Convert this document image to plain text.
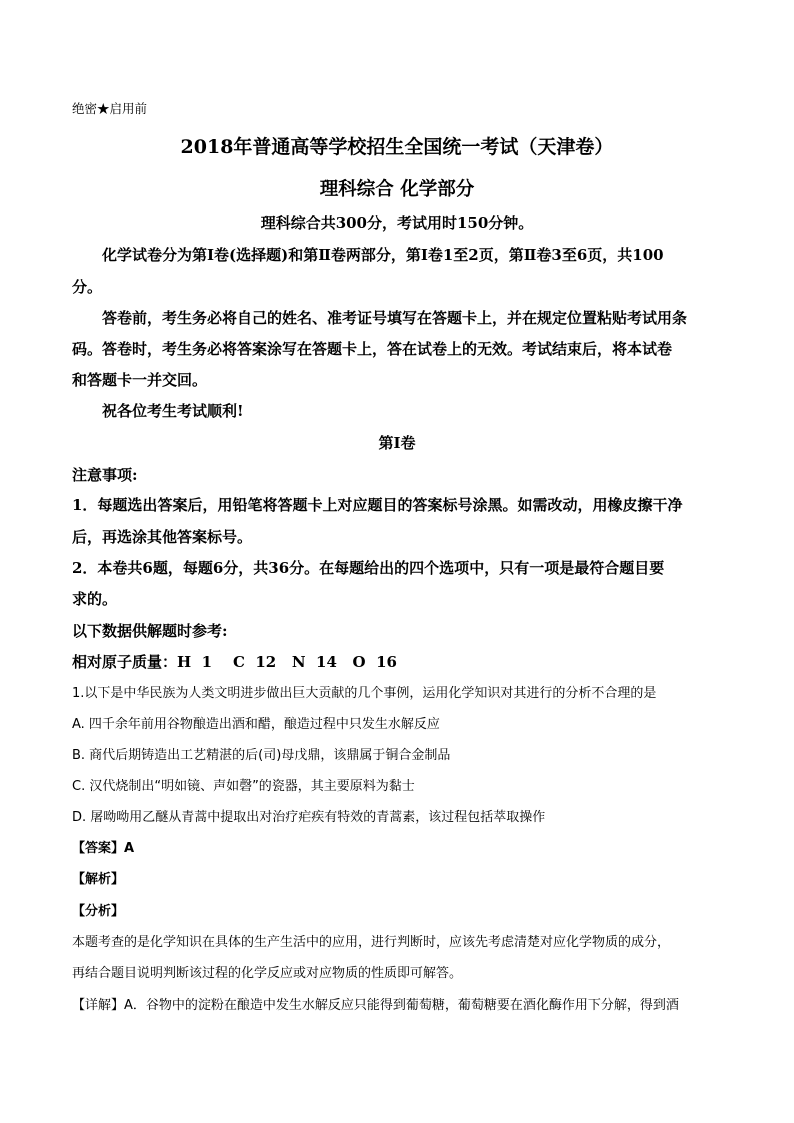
绝密★启用前
2018年普通高等学校招生全国统一考试（天津卷）
理科综合 化学部分
理科综合共300分，考试用时150分钟。
化学试卷分为第Ⅰ卷(选择题)和第Ⅱ卷两部分，第Ⅰ卷1至2页，第Ⅱ卷3至6页，共100
分。
答卷前，考生务必将自己的姓名、准考证号填写在答题卡上，并在规定位置粘贴考试用条
码。答卷时，考生务必将答案涂写在答题卡上，答在试卷上的无效。考试结束后，将本试卷
和答题卡一并交回。
祝各位考生考试顺利!
第Ⅰ卷
注意事项:
1．每题选出答案后，用铅笔将答题卡上对应题目的答案标号涂黑。如需改动，用橡皮擦干净
后，再选涂其他答案标号。
2．本卷共6题，每题6分，共36分。在每题给出的四个选项中，只有一项是最符合题目要
求的。
以下数据供解题时参考:
相对原子质量：H  1    C  12   N  14   O  16
1.以下是中华民族为人类文明进步做出巨大贡献的几个事例，运用化学知识对其进行的分析不合理的是
A. 四千余年前用谷物酿造出酒和醋，酿造过程中只发生水解反应
B. 商代后期铸造出工艺精湛的后(司)母戊鼎，该鼎属于铜合金制品
C. 汉代烧制出“明如镜、声如磬”的瓷器，其主要原料为黏士
D. 屠呦呦用乙醚从青蒿中提取出对治疗疟疾有特效的青蒿素，该过程包括萃取操作
【答案】A
【解析】
【分析】
本题考查的是化学知识在具体的生产生活中的应用，进行判断时，应该先考虑清楚对应化学物质的成分，
再结合题目说明判断该过程的化学反应或对应物质的性质即可解答。
【详解】A．谷物中的淀粉在酿造中发生水解反应只能得到葡萄糖，葡萄糖要在酒化酶作用下分解，得到酒
